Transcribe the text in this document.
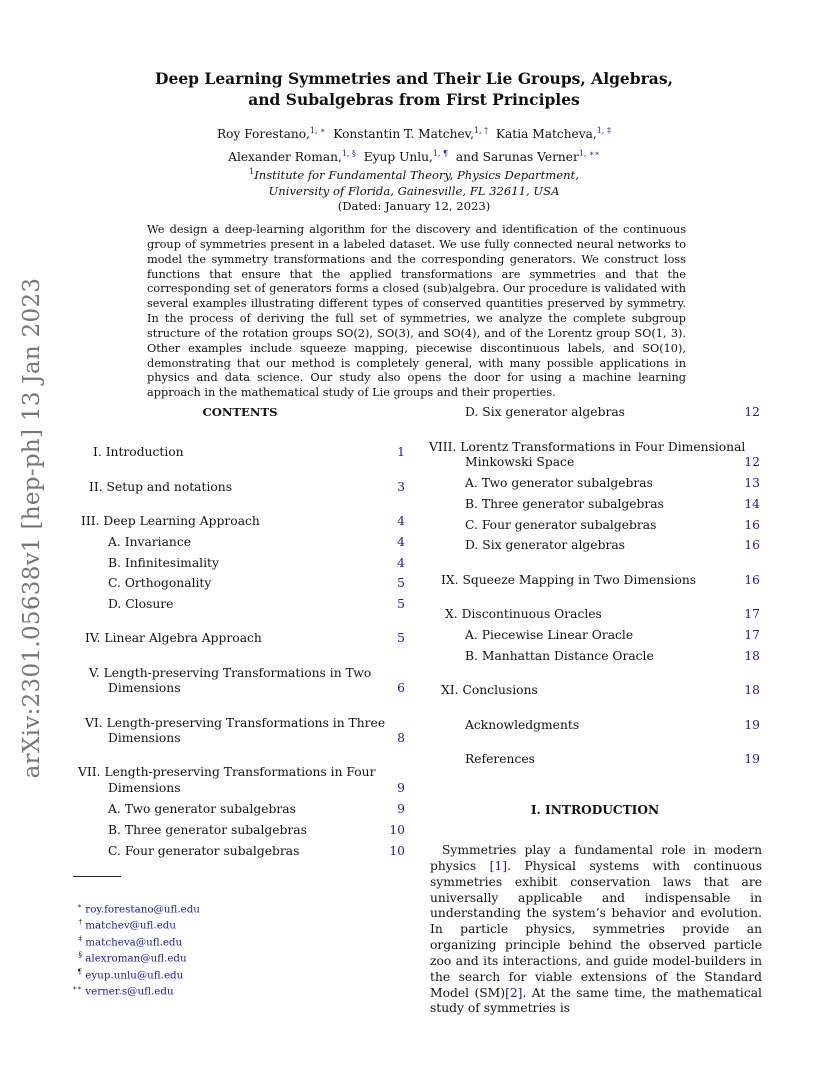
arXiv:2301.05638v1 [hep-ph] 13 Jan 2023
Deep Learning Symmetries and Their Lie Groups, Algebras,
and Subalgebras from First Principles
Roy Forestano,$^{1, ∗}$ Konstantin T. Matchev,$^{1, \dagger}$ Katia Matcheva,$^{1, \ddagger}$
Alexander Roman,$^{1, \S}$ Eyup Unlu,$^{1, \P}$ and Sarunas Verner$^{1, ∗∗}$
$^1$Institute for Fundamental Theory, Physics Department,
University of Florida, Gainesville, FL 32611, USA
(Dated: January 12, 2023)
We design a deep-learning algorithm for the discovery and identification of the continuous group of symmetries present in a labeled dataset. We use fully connected neural networks to model the symmetry transformations and the corresponding generators. We construct loss functions that ensure that the applied transformations are symmetries and that the corresponding set of generators forms a closed (sub)algebra. Our procedure is validated with several examples illustrating different types of conserved quantities preserved by symmetry. In the process of deriving the full set of symmetries, we analyze the complete subgroup structure of the rotation groups SO(2), SO(3), and SO(4), and of the Lorentz group SO(1, 3). Other examples include squeeze mapping, piecewise discontinuous labels, and SO(10), demonstrating that our method is completely general, with many possible applications in physics and data science. Our study also opens the door for using a machine learning approach in the mathematical study of Lie groups and their properties.
CONTENTS
I. Introduction	1
II. Setup and notations	3
III. Deep Learning Approach	4
A. Invariance	4
B. Infinitesimality	4
C. Orthogonality	5
D. Closure	5
IV. Linear Algebra Approach	5
V. Length-preserving Transformations in Two
Dimensions	6
VI. Length-preserving Transformations in Three
Dimensions	8
VII. Length-preserving Transformations in Four
Dimensions	9
A. Two generator subalgebras	9
B. Three generator subalgebras	10
C. Four generator subalgebras	10
D. Six generator algebras	12
VIII. Lorentz Transformations in Four Dimensional
Minkowski Space	12
A. Two generator subalgebras	13
B. Three generator subalgebras	14
C. Four generator subalgebras	16
D. Six generator algebras	16
IX. Squeeze Mapping in Two Dimensions	16
X. Discontinuous Oracles	17
A. Piecewise Linear Oracle	17
B. Manhattan Distance Oracle	18
XI. Conclusions	18
Acknowledgments	19
References	19
I. INTRODUCTION
Symmetries play a fundamental role in modern physics [1]. Physical systems with continuous symmetries exhibit conservation laws that are universally applicable and indispensable in understanding the system’s behavior and evolution. In particle physics, symmetries provide an organizing principle behind the observed particle zoo and its interactions, and guide model-builders in the search for viable extensions of the Standard Model (SM)[2]. At the same time, the mathematical study of symmetries is
∗ roy.forestano@ufl.edu
† matchev@ufl.edu
‡ matcheva@ufl.edu
§ alexroman@ufl.edu
¶ eyup.unlu@ufl.edu
∗∗ verner.s@ufl.edu
